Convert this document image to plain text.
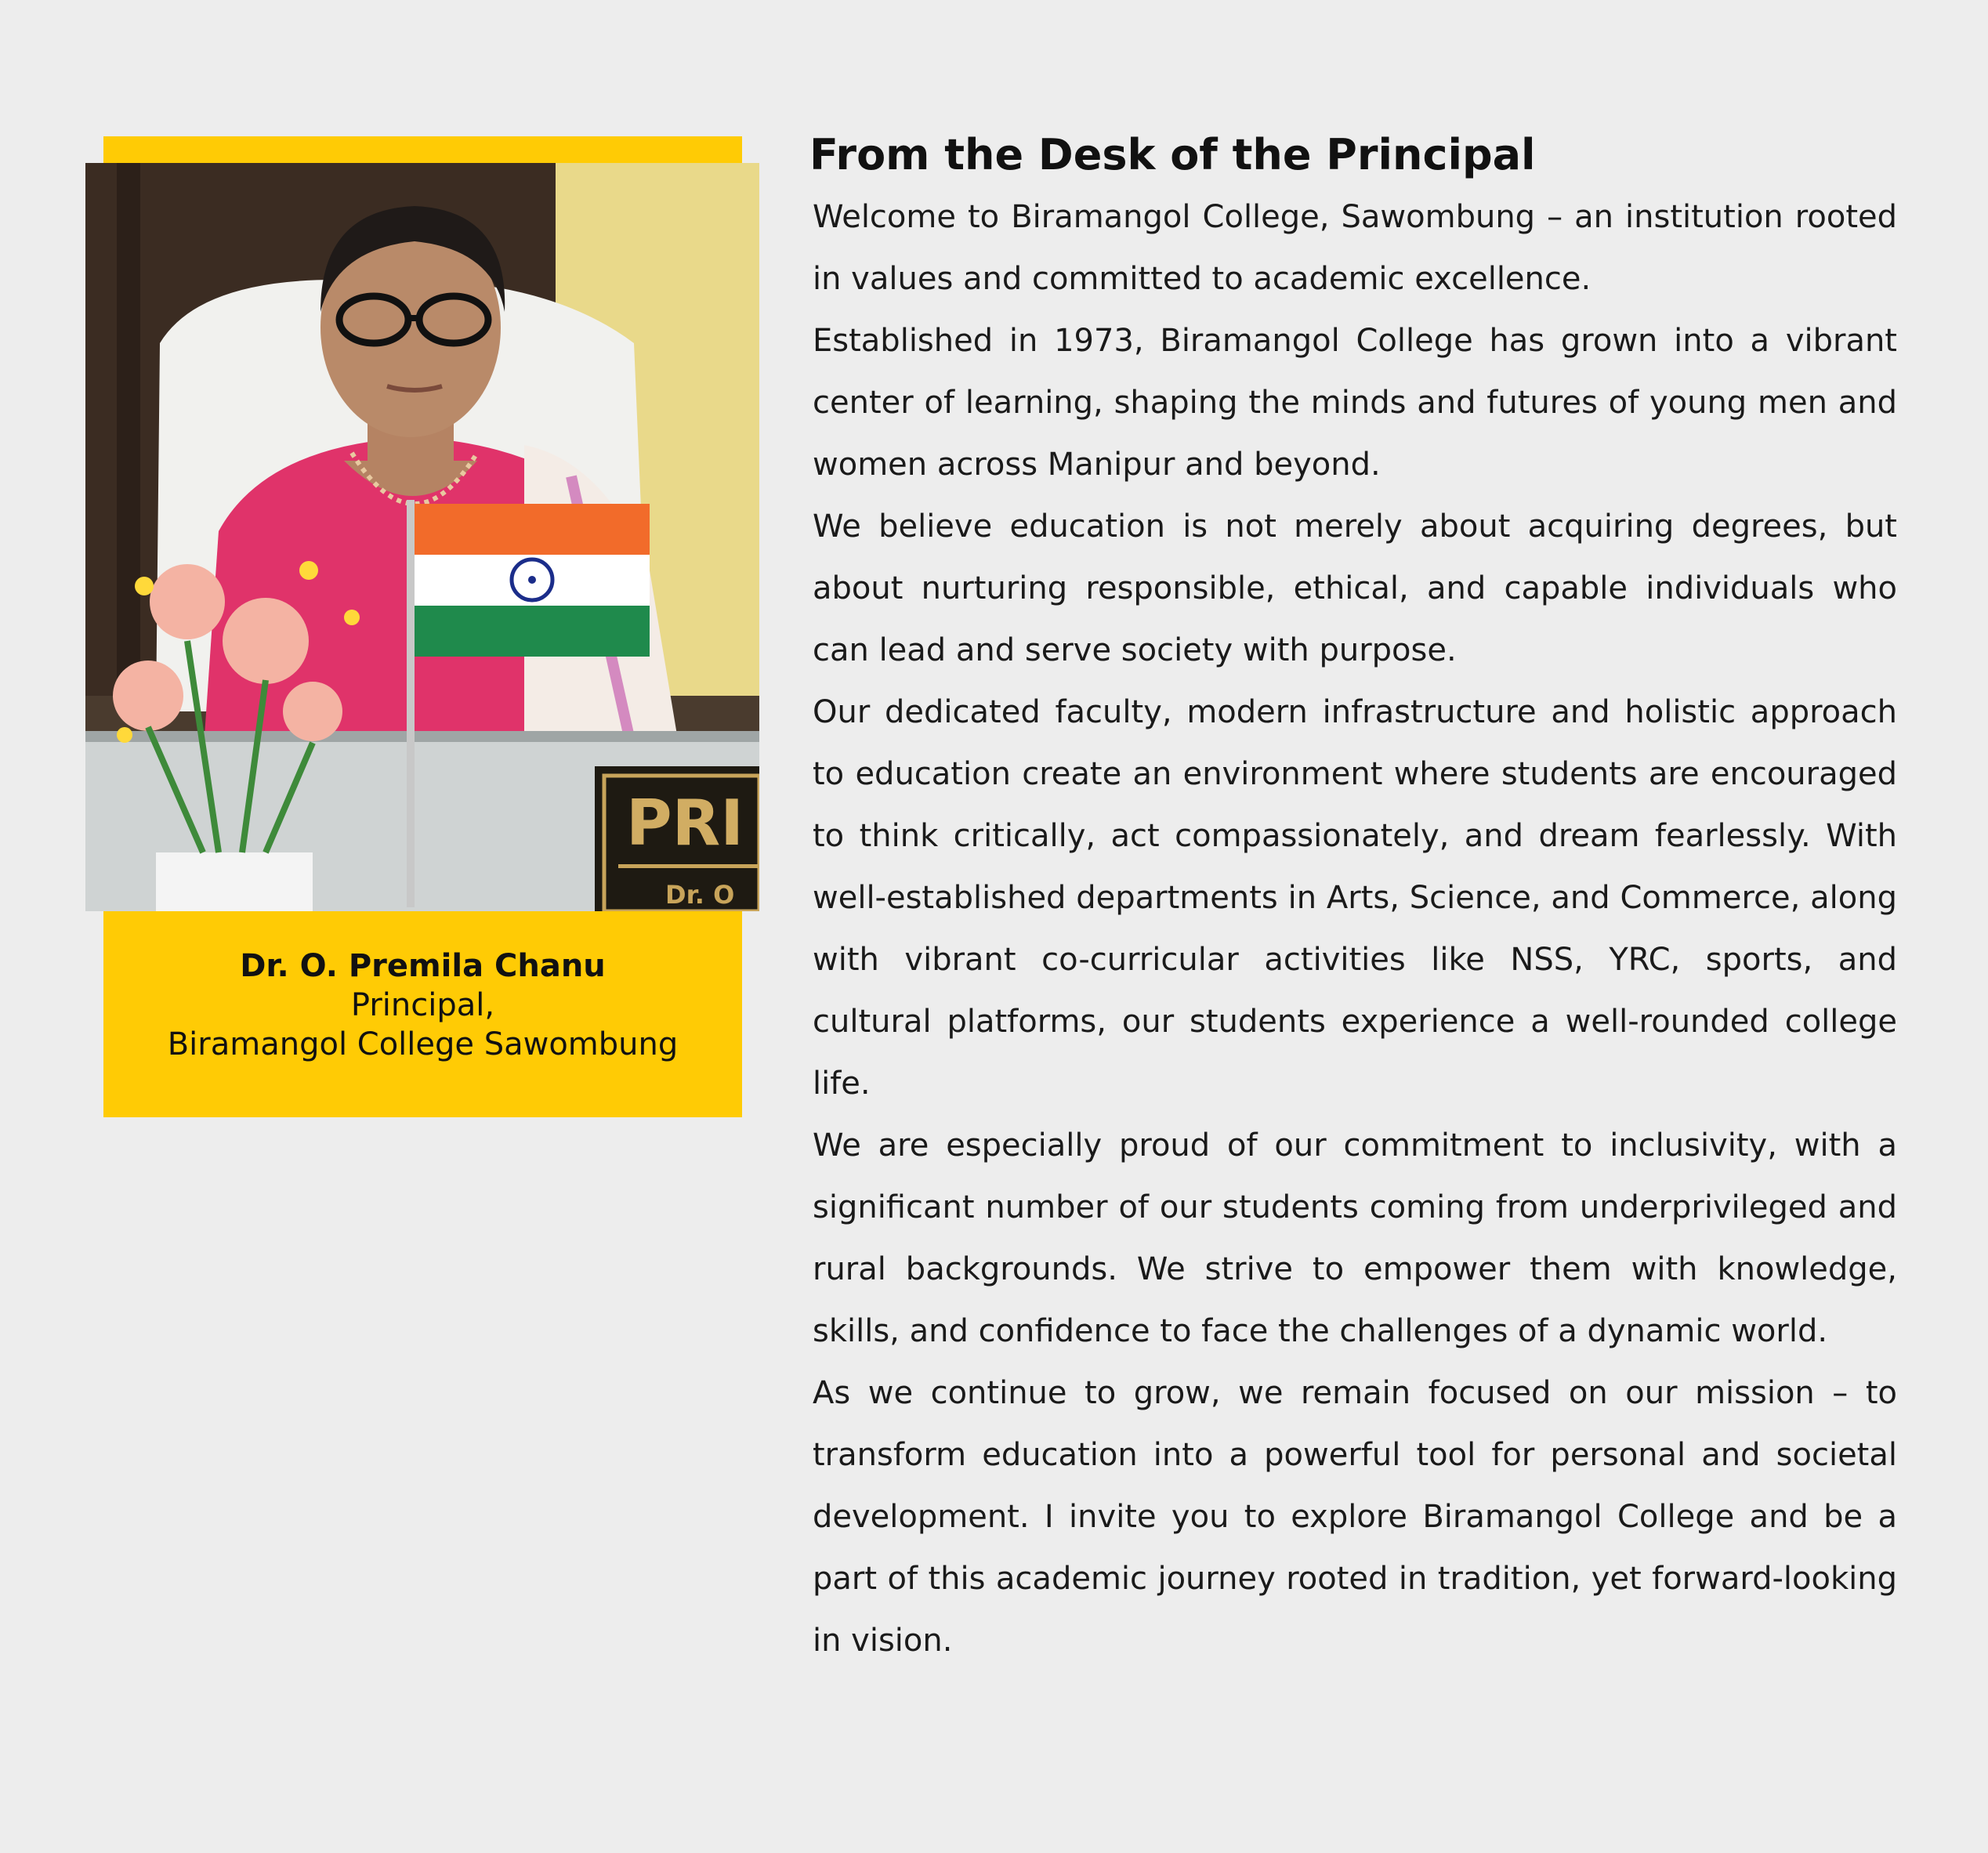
PRI
Dr. O
Dr. O. Premila Chanu
Principal,
Biramangol College Sawombung
From the Desk of the Principal

Welcome to Biramangol College, Sawombung – an institution rooted in values and committed to academic excellence.

Established in 1973, Biramangol College has grown into a vibrant center of learning, shaping the minds and futures of young men and women across Manipur and beyond.

We believe education is not merely about acquiring degrees, but about nurturing responsible, ethical, and capable individuals who can lead and serve society with purpose.

Our dedicated faculty, modern infrastructure and holistic approach to education create an environment where students are encouraged to think critically, act compassionately, and dream fearlessly. With well-established departments in Arts, Science, and Commerce, along with vibrant co-curricular activities like NSS, YRC, sports, and cultural platforms, our students experience a well-rounded college life.

We are especially proud of our commitment to inclusivity, with a significant number of our students coming from underprivileged and rural backgrounds. We strive to empower them with knowledge, skills, and confidence to face the challenges of a dynamic world.

As we continue to grow, we remain focused on our mission – to transform education into a powerful tool for personal and societal development. I invite you to explore Biramangol College and be a part of this academic journey rooted in tradition, yet forward-looking in vision.
